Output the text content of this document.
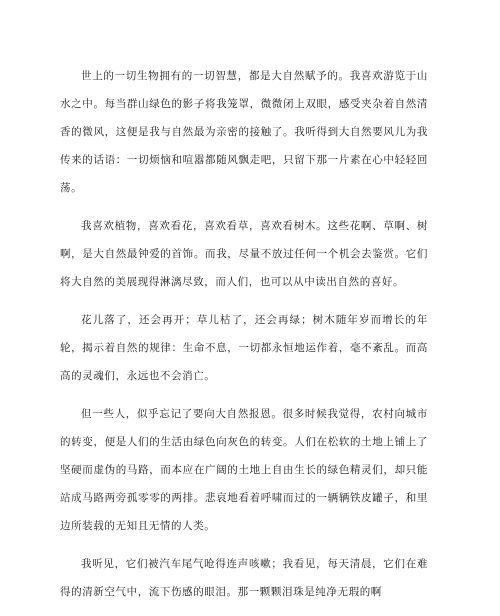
世上的一切生物拥有的一切智慧，都是大自然赋予的。我喜欢游览于山水之中。每当群山绿色的影子将我笼罩，微微闭上双眼，感受夹杂着自然清香的微风，这便是我与自然最为亲密的接触了。我听得到大自然要风儿为我传来的话语：一切烦恼和喧嚣都随风飘走吧，只留下那一片素在心中轻轻回荡。

我喜欢植物，喜欢看花，喜欢看草，喜欢看树木。这些花啊、草啊、树啊，是大自然最钟爱的首饰。而我，尽量不放过任何一个机会去鉴赏。它们将大自然的美展现得淋漓尽致，而人们，也可以从中读出自然的喜好。

花儿落了，还会再开；草儿枯了，还会再绿；树木随年岁而增长的年轮，揭示着自然的规律：生命不息，一切都永恒地运作着，毫不紊乱。而高高的灵魂们，永远也不会消亡。

但一些人，似乎忘记了要向大自然报恩。很多时候我觉得，农村向城市的转变，便是人们的生活由绿色向灰色的转变。人们在松软的土地上铺上了坚硬而虚伪的马路，而本应在广阔的土地上自由生长的绿色精灵们，却只能站成马路两旁孤零零的两排。悲哀地看着呼啸而过的一辆辆铁皮罐子，和里边所装载的无知且无情的人类。

我听见，它们被汽车尾气呛得连声咳嗽；我看见，每天清晨，它们在难得的清新空气中，流下伤感的眼泪。那一颗颗泪珠是纯净无瑕的啊
